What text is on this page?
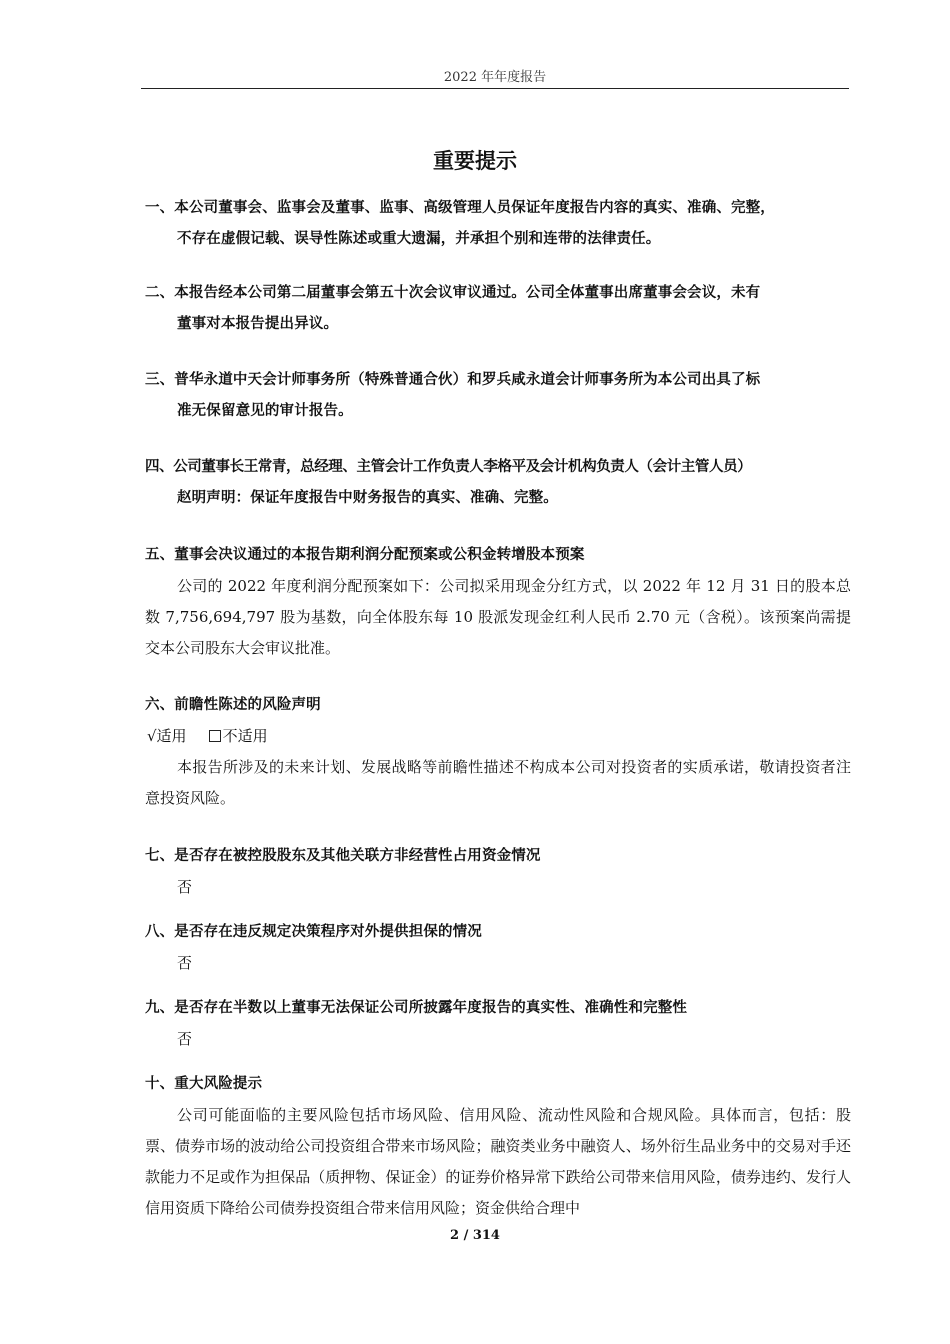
2022 年年度报告
重要提示
一、本公司董事会、监事会及董事、监事、高级管理人员保证年度报告内容的真实、准确、完整，
不存在虚假记载、误导性陈述或重大遗漏，并承担个别和连带的法律责任。
二、本报告经本公司第二届董事会第五十次会议审议通过。公司全体董事出席董事会会议，未有
董事对本报告提出异议。
三、普华永道中天会计师事务所（特殊普通合伙）和罗兵咸永道会计师事务所为本公司出具了标
准无保留意见的审计报告。
四、公司董事长王常青，总经理、主管会计工作负责人李格平及会计机构负责人（会计主管人员）
赵明声明：保证年度报告中财务报告的真实、准确、完整。
五、董事会决议通过的本报告期利润分配预案或公积金转增股本预案
公司的 2022 年度利润分配预案如下：公司拟采用现金分红方式，以 2022 年 12 月 31 日的股本总数 7,756,694,797 股为基数，向全体股东每 10 股派发现金红利人民币 2.70 元（含税）。该预案尚需提交本公司股东大会审议批准。
六、前瞻性陈述的风险声明
√适用 不适用
本报告所涉及的未来计划、发展战略等前瞻性描述不构成本公司对投资者的实质承诺，敬请投资者注意投资风险。
七、是否存在被控股股东及其他关联方非经营性占用资金情况
否
八、是否存在违反规定决策程序对外提供担保的情况
否
九、是否存在半数以上董事无法保证公司所披露年度报告的真实性、准确性和完整性
否
十、重大风险提示
公司可能面临的主要风险包括市场风险、信用风险、流动性风险和合规风险。具体而言，包括：股票、债券市场的波动给公司投资组合带来市场风险；融资类业务中融资人、场外衍生品业务中的交易对手还款能力不足或作为担保品（质押物、保证金）的证券价格异常下跌给公司带来信用风险，债券违约、发行人信用资质下降给公司债券投资组合带来信用风险；资金供给合理中
2 / 314
